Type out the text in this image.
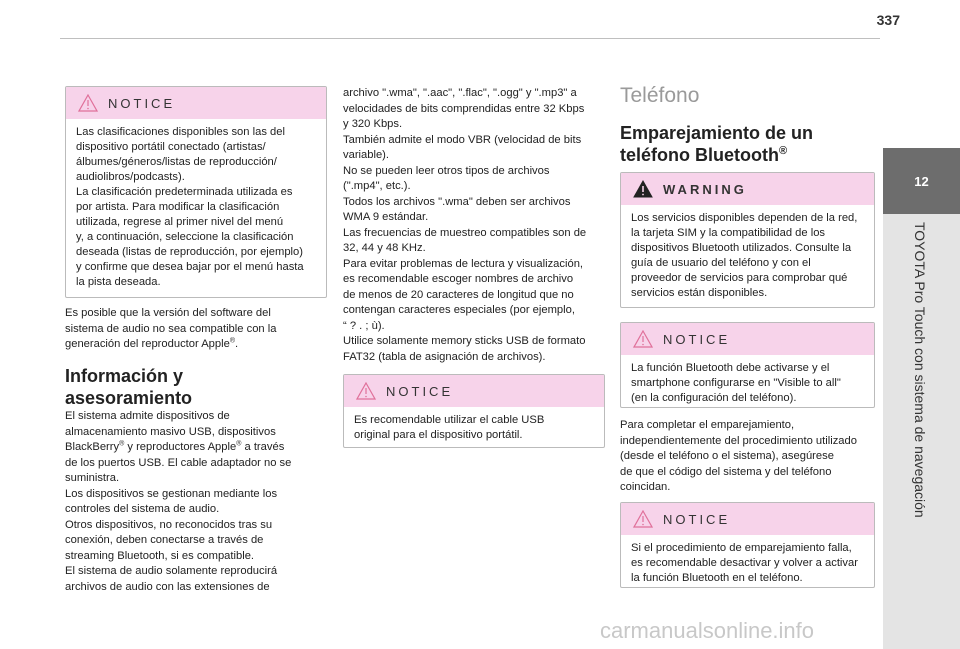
337
12
TOYOTA Pro Touch con sistema de navegación
NOTICE

Las clasificaciones disponibles son las del

dispositivo portátil conectado (artistas/

álbumes/géneros/listas de reproducción/

audiolibros/podcasts).

La clasificación predeterminada utilizada es

por artista. Para modificar la clasificación

utilizada, regrese al primer nivel del menú

y, a continuación, seleccione la clasificación

deseada (listas de reproducción, por ejemplo)

y confirme que desea bajar por el menú hasta

la pista deseada.

Es posible que la versión del software del

sistema de audio no sea compatible con la

generación del reproductor Apple®.

Información y
asesoramiento

El sistema admite dispositivos de

almacenamiento masivo USB, dispositivos

BlackBerry® y reproductores Apple® a través

de los puertos USB. El cable adaptador no se

suministra.

Los dispositivos se gestionan mediante los

controles del sistema de audio.

Otros dispositivos, no reconocidos tras su

conexión, deben conectarse a través de

streaming Bluetooth, si es compatible.

El sistema de audio solamente reproducirá

archivos de audio con las extensiones de

archivo ".wma", ".aac", ".flac", ".ogg" y ".mp3" a

velocidades de bits comprendidas entre 32 Kbps

y 320 Kbps.

También admite el modo VBR (velocidad de bits

variable).

No se pueden leer otros tipos de archivos

(".mp4", etc.).

Todos los archivos ".wma" deben ser archivos

WMA 9 estándar.

Las frecuencias de muestreo compatibles son de

32, 44 y 48 KHz.

Para evitar problemas de lectura y visualización,

es recomendable escoger nombres de archivo

de menos de 20 caracteres de longitud que no

contengan caracteres especiales (por ejemplo,

“ ? . ; ù).

Utilice solamente memory sticks USB de formato

FAT32 (tabla de asignación de archivos).

NOTICE

Es recomendable utilizar el cable USB

original para el dispositivo portátil.

Teléfono
Emparejamiento de un
teléfono Bluetooth®
WARNING

Los servicios disponibles dependen de la red,

la tarjeta SIM y la compatibilidad de los

dispositivos Bluetooth utilizados. Consulte la

guía de usuario del teléfono y con el

proveedor de servicios para comprobar qué

servicios están disponibles.

NOTICE

La función Bluetooth debe activarse y el

smartphone configurarse en "Visible to all"

(en la configuración del teléfono).

Para completar el emparejamiento,

independientemente del procedimiento utilizado

(desde el teléfono o el sistema), asegúrese

de que el código del sistema y del teléfono

coincidan.

NOTICE

Si el procedimiento de emparejamiento falla,

es recomendable desactivar y volver a activar

la función Bluetooth en el teléfono.

carmanualsonline.info
